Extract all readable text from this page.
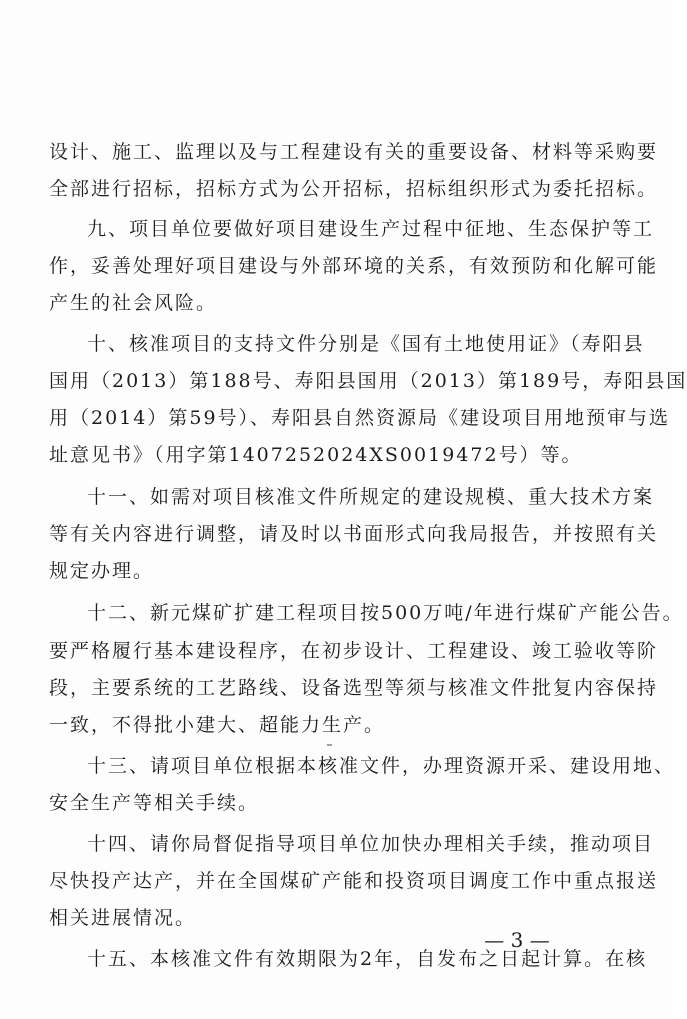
设计、施工、监理以及与工程建设有关的重要设备、材料等采购要
全部进行招标，招标方式为公开招标，招标组织形式为委托招标。
九、项目单位要做好项目建设生产过程中征地、生态保护等工
作，妥善处理好项目建设与外部环境的关系，有效预防和化解可能
产生的社会风险。
十、核准项目的支持文件分别是《国有土地使用证》（寿阳县
国用（2013）第188号、寿阳县国用（2013）第189号，寿阳县国
用（2014）第59号）、寿阳县自然资源局《建设项目用地预审与选
址意见书》（用字第1407252024XS0019472号）等。
十一、如需对项目核准文件所规定的建设规模、重大技术方案
等有关内容进行调整，请及时以书面形式向我局报告，并按照有关
规定办理。
十二、新元煤矿扩建工程项目按500万吨/年进行煤矿产能公告。
要严格履行基本建设程序，在初步设计、工程建设、竣工验收等阶
段，主要系统的工艺路线、设备选型等须与核准文件批复内容保持
一致，不得批小建大、超能力生产。
十三、请项目单位根据本核准文件，办理资源开采、建设用地、
安全生产等相关手续。
十四、请你局督促指导项目单位加快办理相关手续，推动项目
尽快投产达产，并在全国煤矿产能和投资项目调度工作中重点报送
相关进展情况。
十五、本核准文件有效期限为2年，自发布之日起计算。在核
— 3 —
